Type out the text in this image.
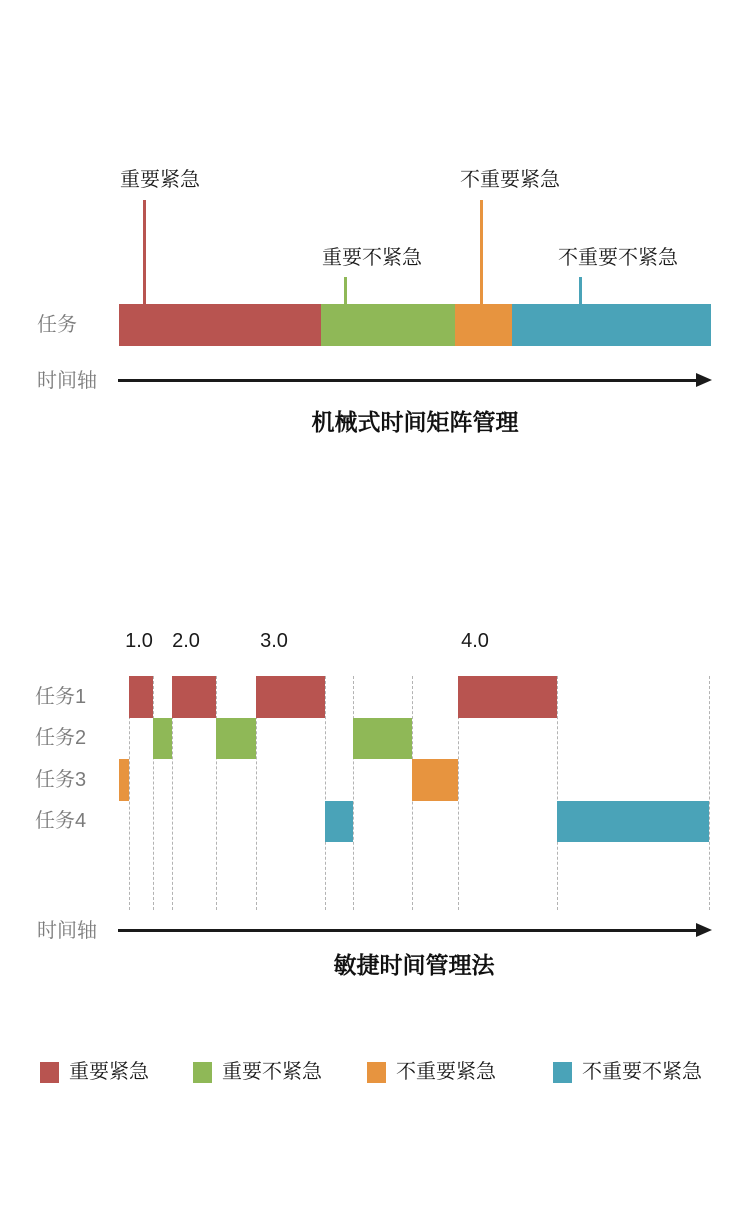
重要紧急
重要不紧急
不重要紧急
不重要不紧急
任务
时间轴
机械式时间矩阵管理
1.0 2.0	3.0	4.0
任务1
任务2
任务3
任务4
时间轴
敏捷时间管理法
重要紧急	重要不紧急	不重要紧急	不重要不紧急
